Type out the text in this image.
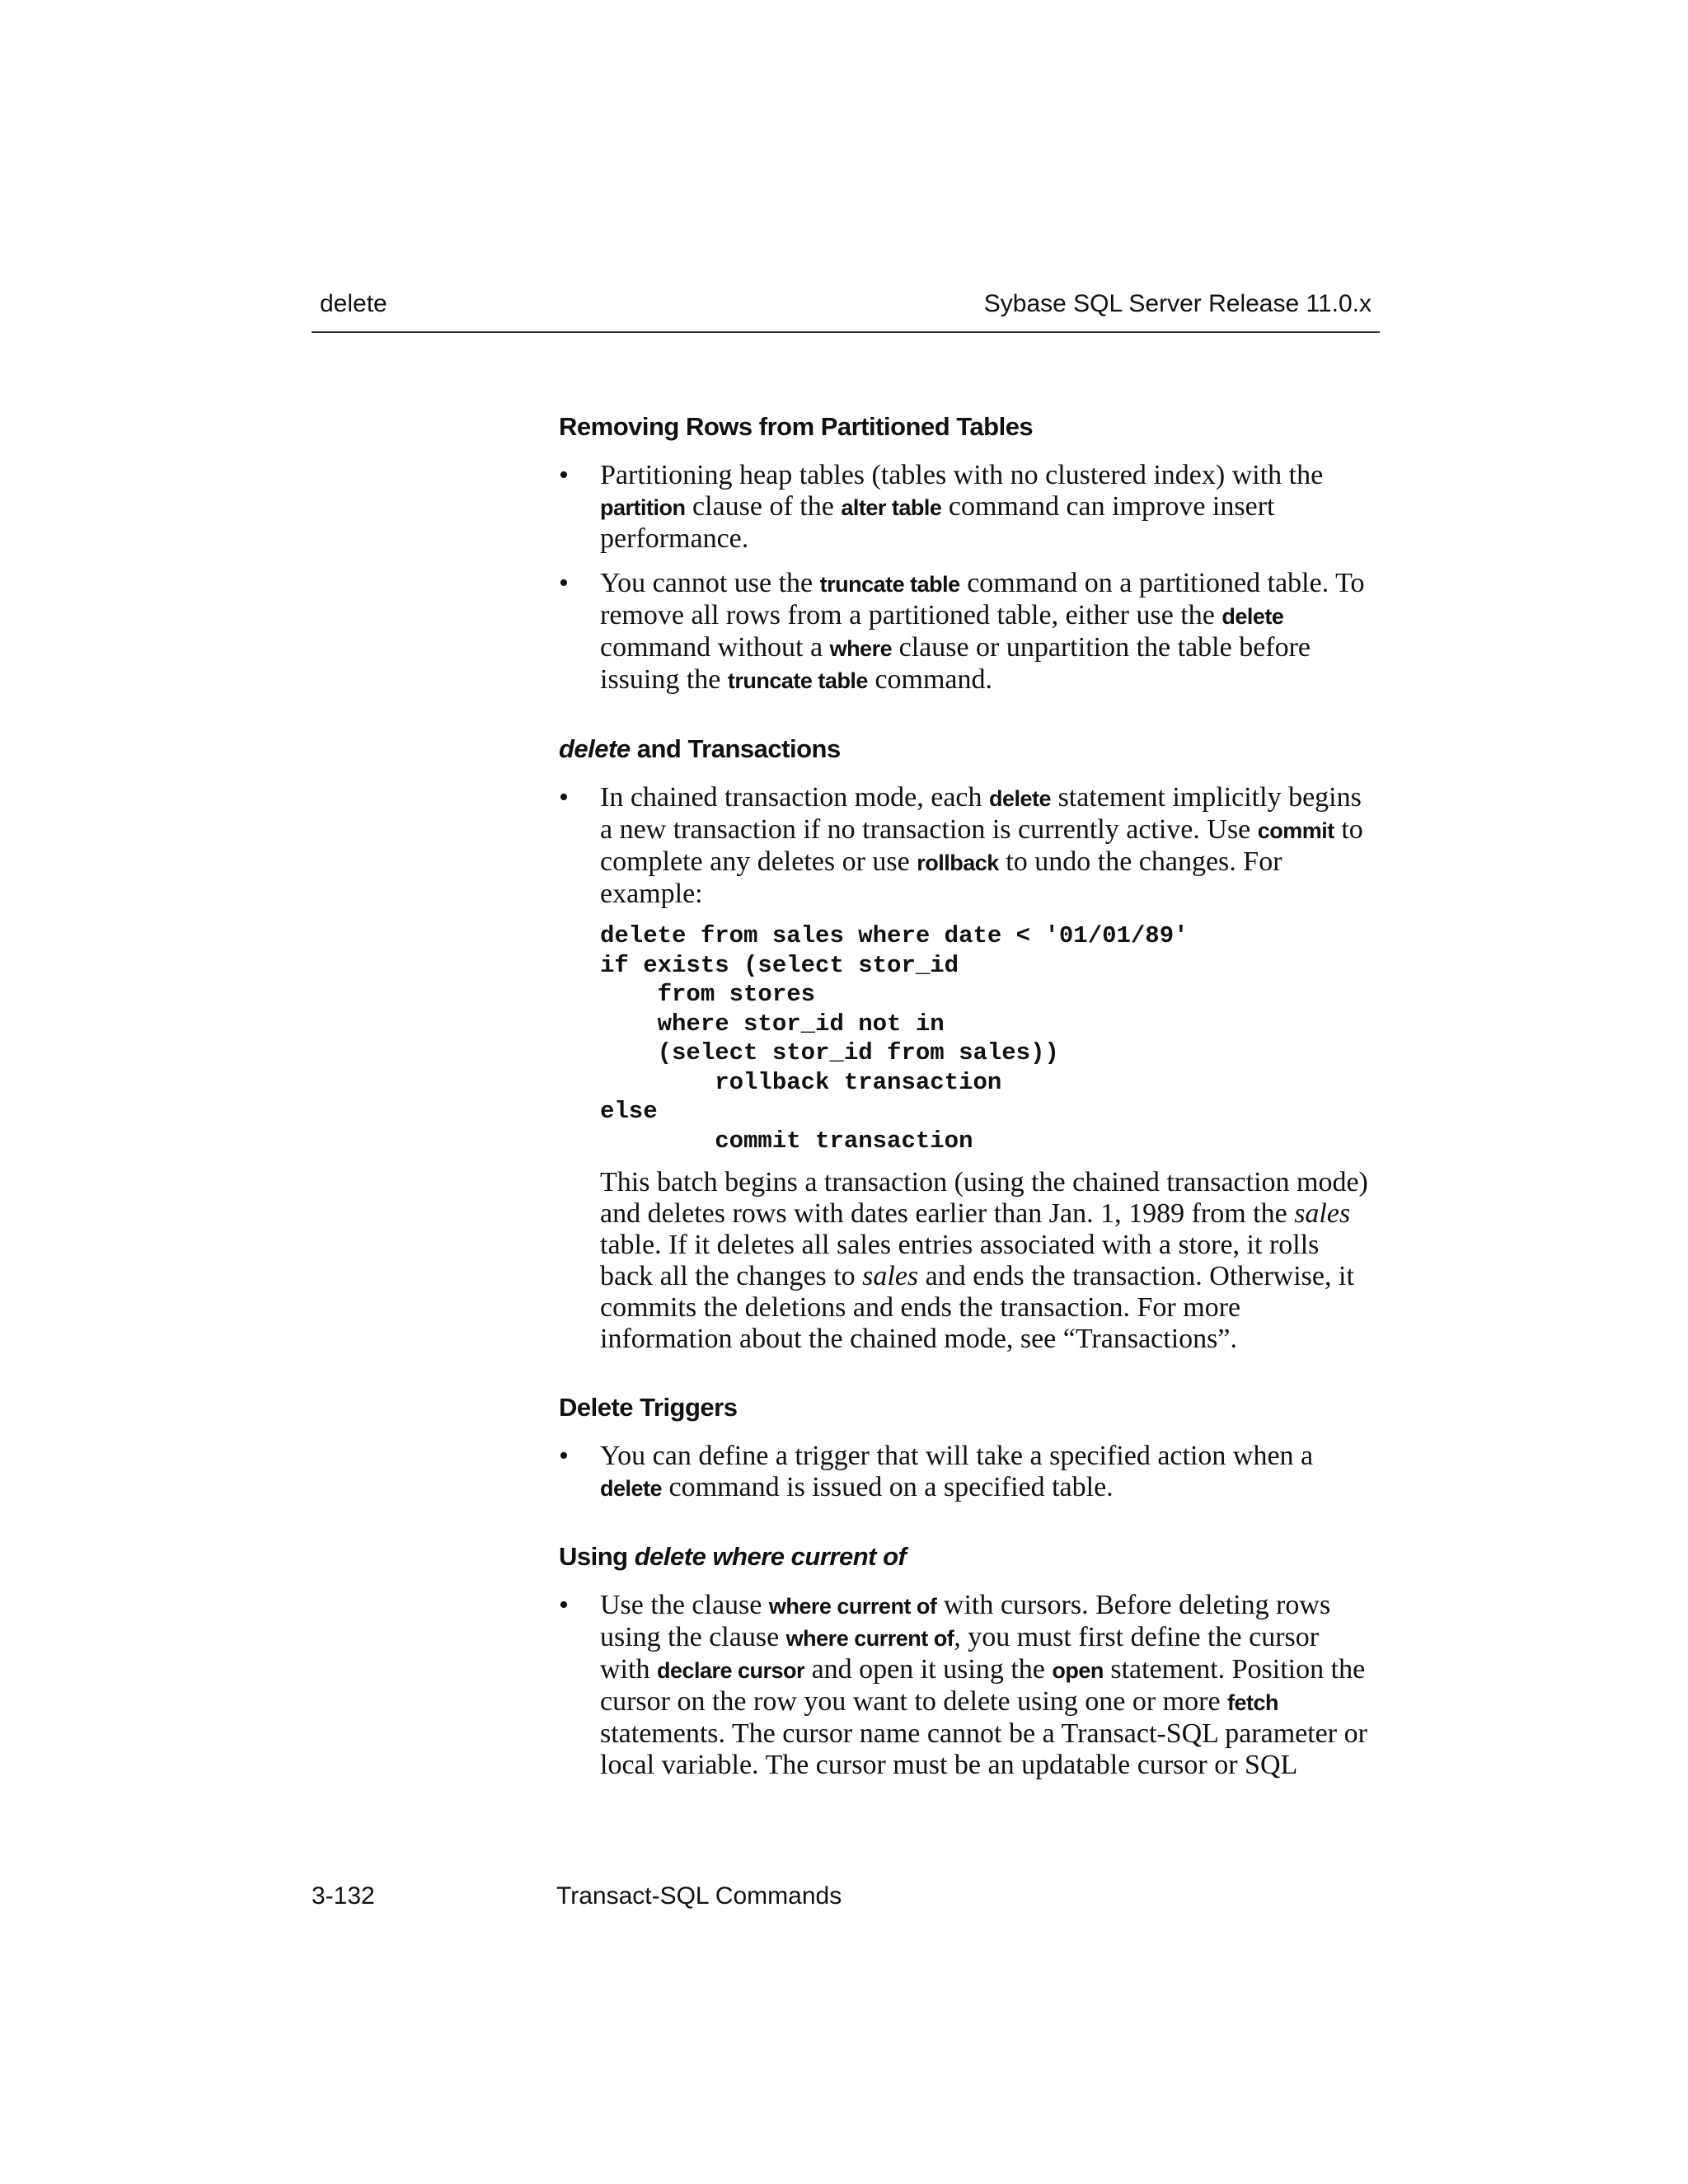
delete	Sybase SQL Server Release 11.0.x
Removing Rows from Partitioned Tables
• Partitioning heap tables (tables with no clustered index) with the partition clause of the alter table command can improve insert performance.
• You cannot use the truncate table command on a partitioned table. To remove all rows from a partitioned table, either use the delete command without a where clause or unpartition the table before issuing the truncate table command.
delete and Transactions
• In chained transaction mode, each delete statement implicitly begins a new transaction if no transaction is currently active. Use commit to complete any deletes or use rollback to undo the changes. For example:
delete from sales where date < '01/01/89'
if exists (select stor_id
from stores
where stor_id not in
(select stor_id from sales))
rollback transaction
else
commit transaction

This batch begins a transaction (using the chained transaction mode) and deletes rows with dates earlier than Jan. 1, 1989 from the sales table. If it deletes all sales entries associated with a store, it rolls back all the changes to sales and ends the transaction. Otherwise, it commits the deletions and ends the transaction. For more information about the chained mode, see “Transactions”.

Delete Triggers
• You can define a trigger that will take a specified action when a delete command is issued on a specified table.
Using delete where current of
• Use the clause where current of with cursors. Before deleting rows using the clause where current of, you must first define the cursor with declare cursor and open it using the open statement. Position the cursor on the row you want to delete using one or more fetch statements. The cursor name cannot be a Transact-SQL parameter or local variable. The cursor must be an updatable cursor or SQL
3-132	Transact-SQL Commands
